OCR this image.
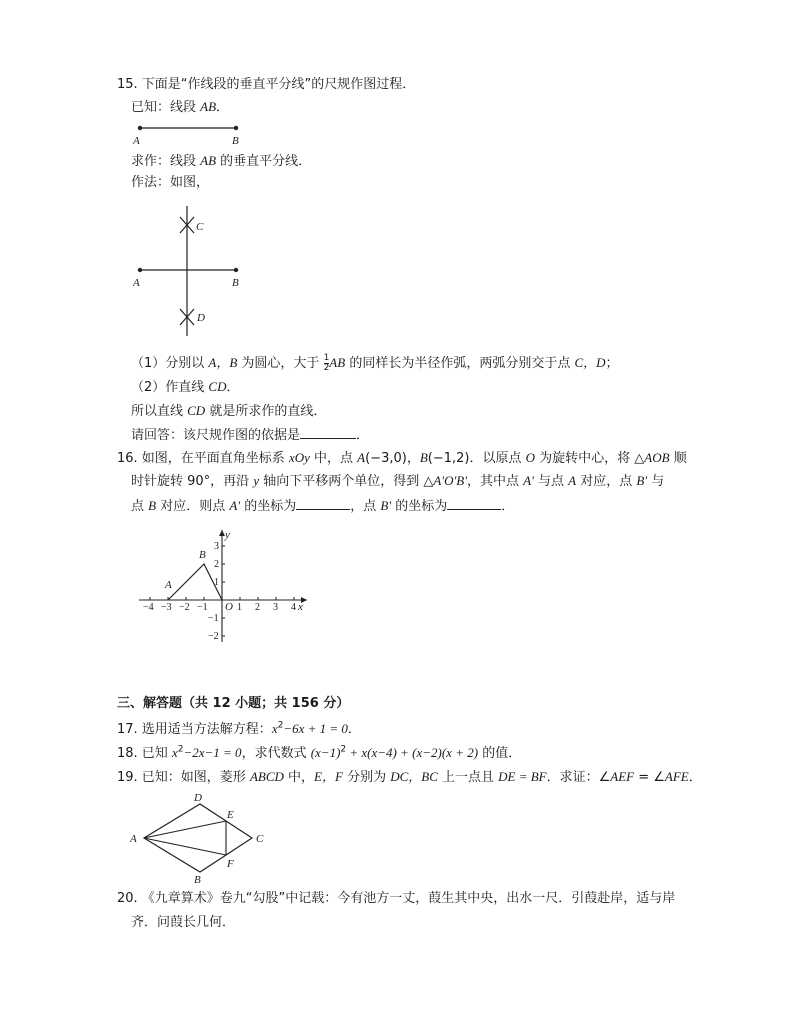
15. 下面是“作线段的垂直平分线”的尺规作图过程．
已知：线段 AB．
A	B
求作：线段 AB 的垂直平分线．
作法：如图，
C
D
A	B
（1）分别以 A，B 为圆心，大于 $\frac{1}{2}$ AB 的同样长为半径作弧，两弧分别交于点 C，D；
（2）作直线 CD．
所以直线 CD 就是所求作的直线．
请回答：该尺规作图的依据是	．
16. 如图，在平面直角坐标系 xOy 中，点 A(−3,0)，B(−1,2)．以原点 O 为旋转中心，将 △AOB 顺
时针旋转 90°，再沿 y 轴向下平移两个单位，得到 △A'O'B'，其中点 A' 与点 A 对应，点 B' 与
点 B 对应．则点 A' 的坐标为	，点 B' 的坐标为	．
−4 −3 −2 −1	1 2 3 4 x
y
O
3
2
1
−1
−2
A
B
三、解答题（共 12 小题；共 156 分）
17. 选用适当方法解方程：$x^2-6x + 1 = 0$．
18. 已知 $x^2-2x-1 = 0$，求代数式 $(x-1)^2 + x(x-4) + (x-2)(x + 2)$ 的值．
19. 已知：如图，菱形 ABCD 中，E，F 分别为 DC，BC 上一点且 DE = BF．求证：∠AEF = ∠AFE．
A
D
C
B
E
F
20. 《九章算术》卷九“勾股”中记载：今有池方一丈，葭生其中央，出水一尺．引葭赴岸，适与岸
齐．问葭长几何．
